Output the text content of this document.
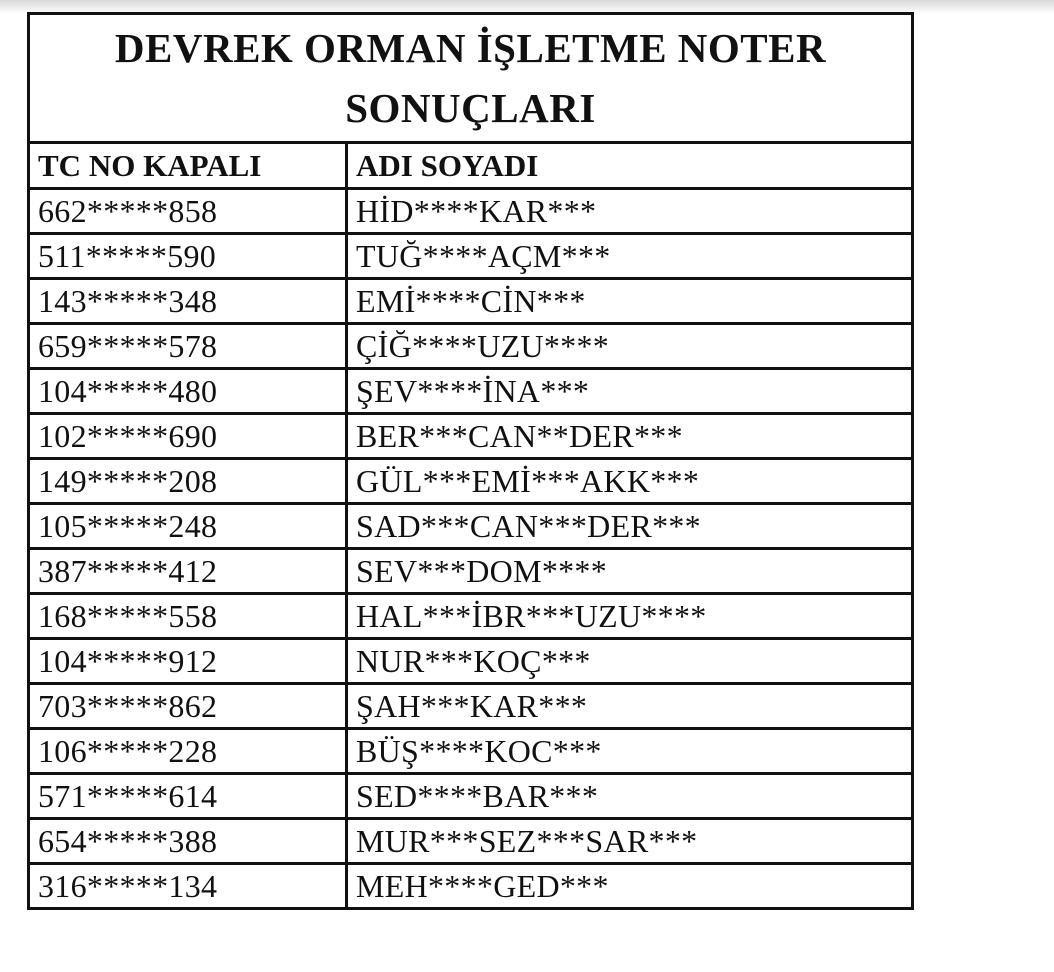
DEVREK ORMAN İŞLETME NOTER
SONUÇLARI	

TC NO KAPALI	ADI SOYADI
662*****858	HİD****KAR***
511*****590	TUĞ****AÇM***
143*****348	EMİ****CİN***
659*****578	ÇİĞ****UZU****
104*****480	ŞEV****İNA***
102*****690	BER***CAN**DER***
149*****208	GÜL***EMİ***AKK***
105*****248	SAD***CAN***DER***
387*****412	SEV***DOM****
168*****558	HAL***İBR***UZU****
104*****912	NUR***KOÇ***
703*****862	ŞAH***KAR***
106*****228	BÜŞ****KOC***
571*****614	SED****BAR***
654*****388	MUR***SEZ***SAR***
316*****134	MEH****GED***
